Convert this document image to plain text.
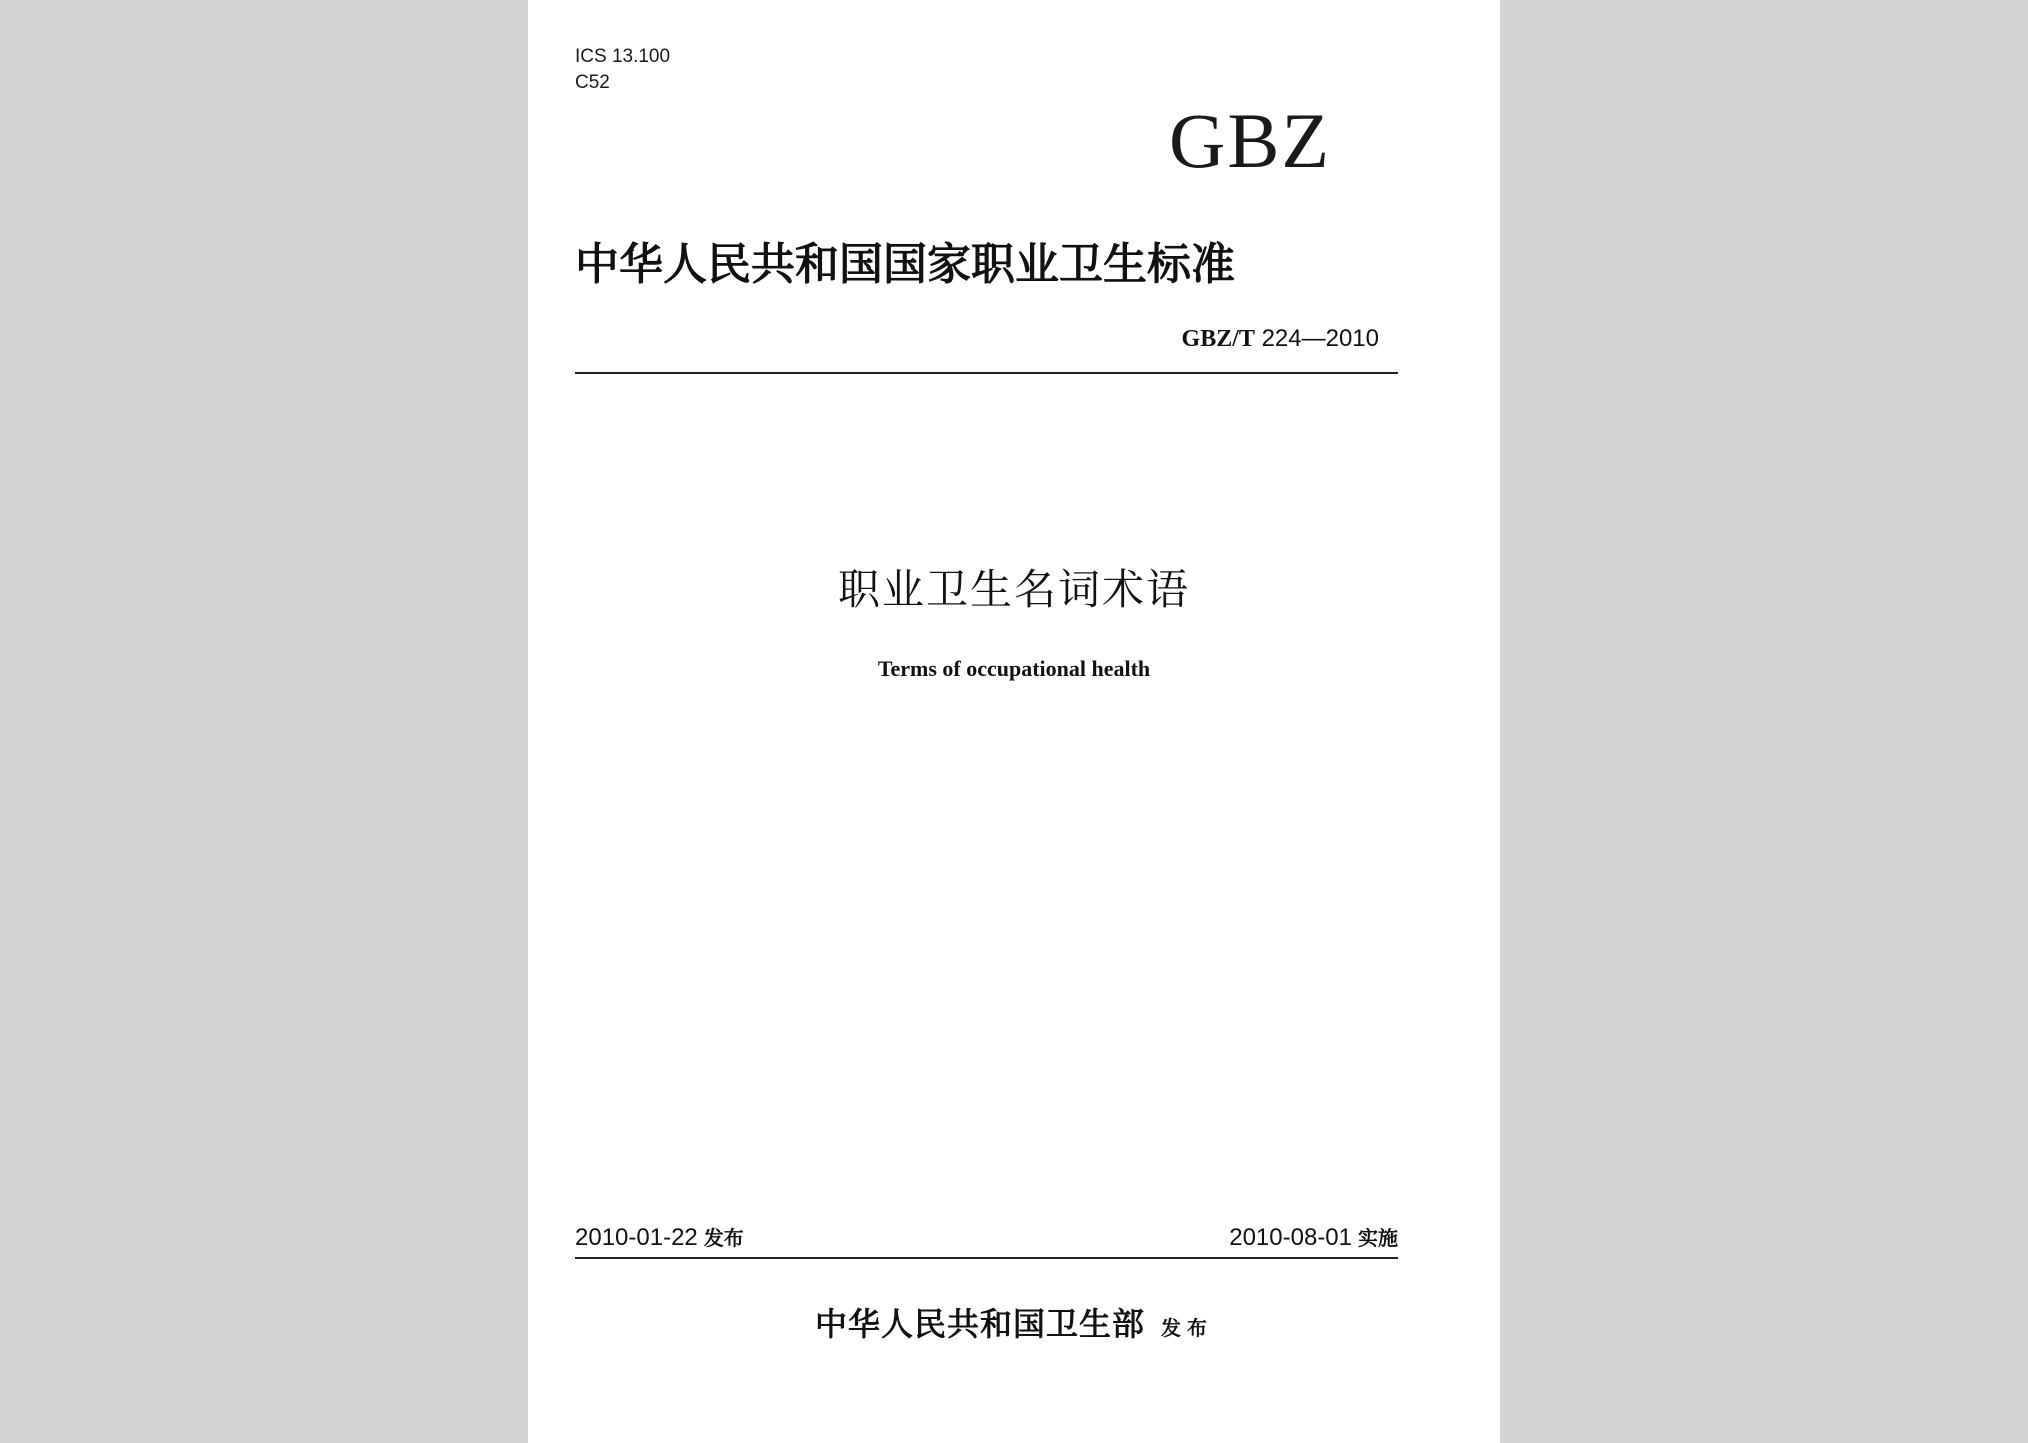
ICS 13.100
C52
GBZ
中华人民共和国国家职业卫生标准
GBZ/T 224—2010
职业卫生名词术语
Terms of occupational health
2010-01-22 发布	2010-08-01 实施
中华人民共和国卫生部 发布
